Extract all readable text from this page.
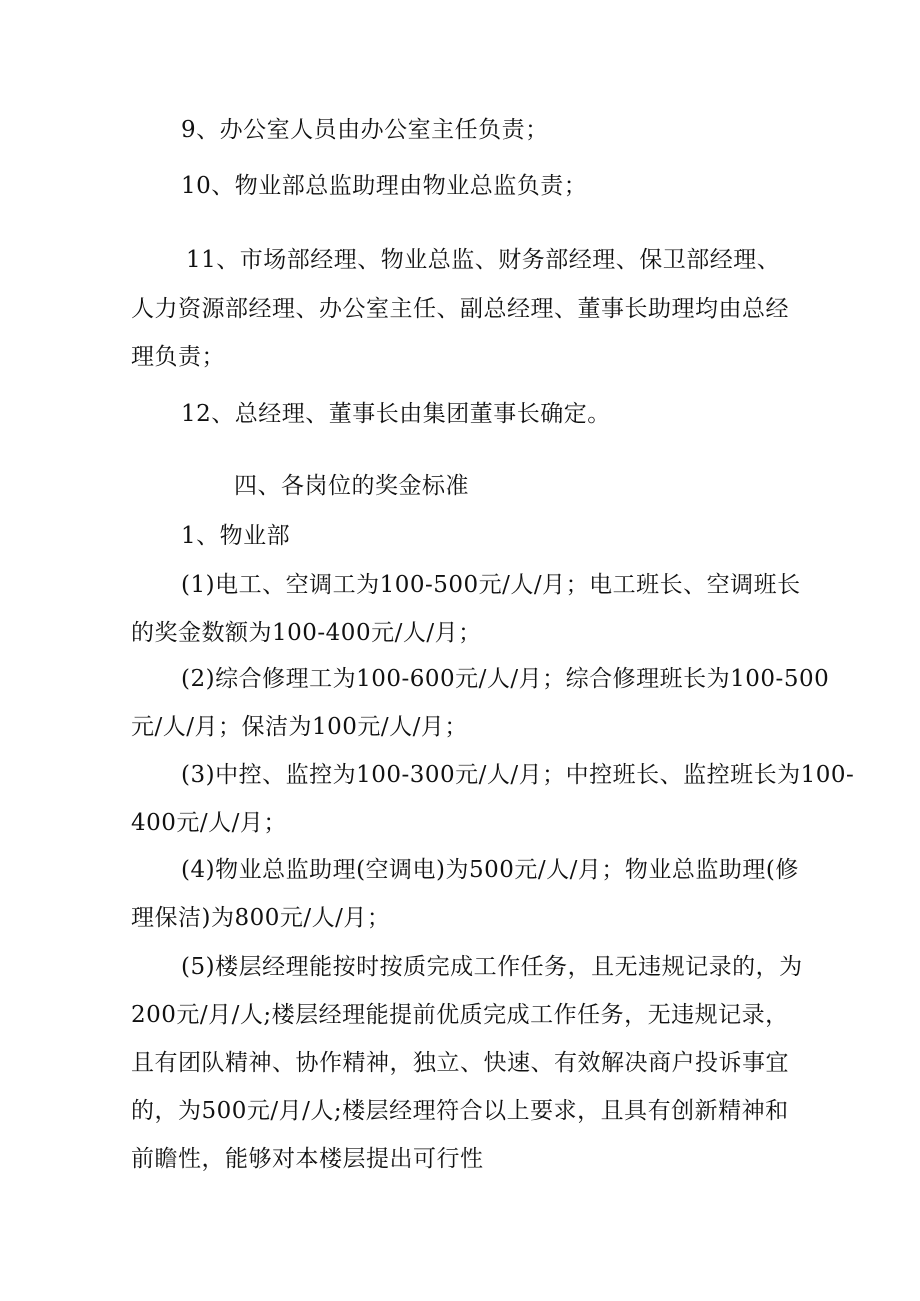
9、办公室人员由办公室主任负责；
10、物业部总监助理由物业总监负责；
11、市场部经理、物业总监、财务部经理、保卫部经理、
人力资源部经理、办公室主任、副总经理、董事长助理均由总经
理负责；
12、总经理、董事长由集团董事长确定。
四、各岗位的奖金标准
1、物业部
(1)电工、空调工为100-500元/人/月；电工班长、空调班长
的奖金数额为100-400元/人/月；
(2)综合修理工为100-600元/人/月；综合修理班长为100-500
元/人/月；保洁为100元/人/月；
(3)中控、监控为100-300元/人/月；中控班长、监控班长为100-
400元/人/月；
(4)物业总监助理(空调电)为500元/人/月；物业总监助理(修
理保洁)为800元/人/月；
(5)楼层经理能按时按质完成工作任务，且无违规记录的，为
200元/月/人;楼层经理能提前优质完成工作任务，无违规记录，
且有团队精神、协作精神，独立、快速、有效解决商户投诉事宜
的，为500元/月/人;楼层经理符合以上要求，且具有创新精神和
前瞻性，能够对本楼层提出可行性
